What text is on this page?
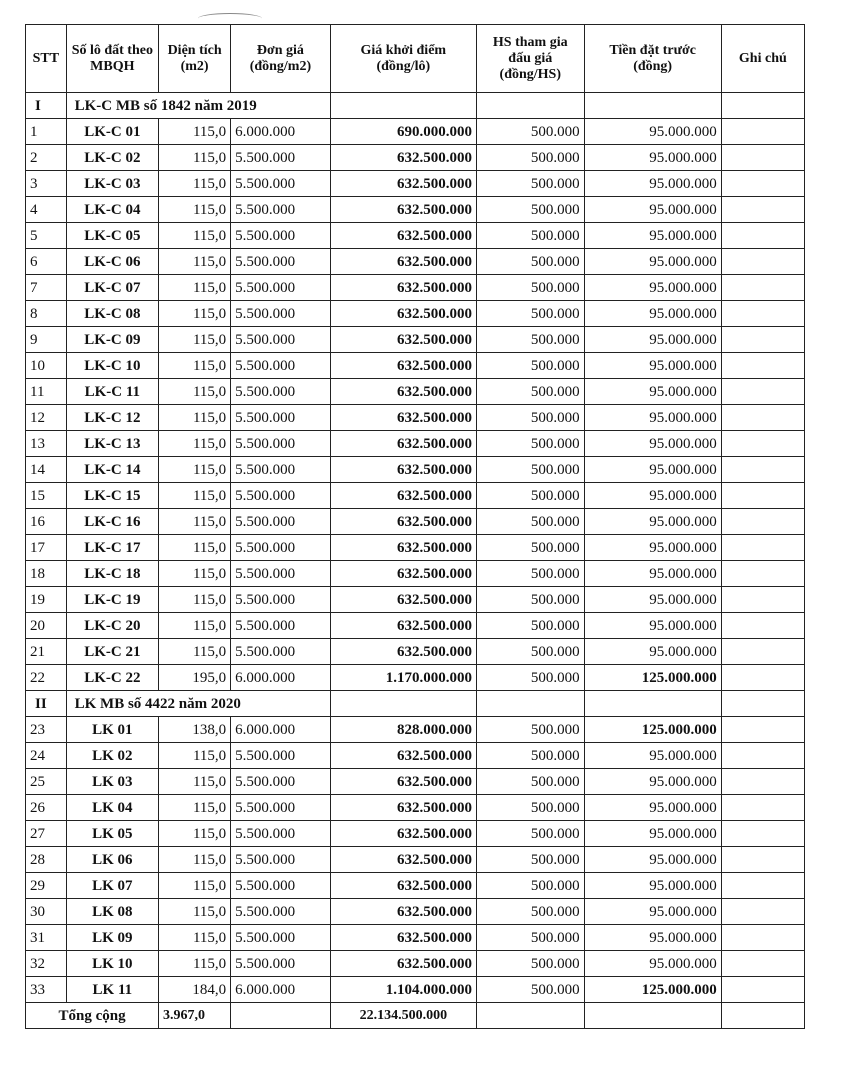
STT	Số lô đất theo MBQH	Diện tích (m2)	Đơn giá (đồng/m2)	Giá khởi điểm (đồng/lô)	HS tham gia đấu giá (đồng/HS)	Tiền đặt trước (đồng)	Ghi chú
I	LK-C MB số 1842 năm 2019						
1	LK-C 01	115,0	6.000.000	690.000.000	500.000	95.000.000	
2	LK-C 02	115,0	5.500.000	632.500.000	500.000	95.000.000	
3	LK-C 03	115,0	5.500.000	632.500.000	500.000	95.000.000	
4	LK-C 04	115,0	5.500.000	632.500.000	500.000	95.000.000	
5	LK-C 05	115,0	5.500.000	632.500.000	500.000	95.000.000	
6	LK-C 06	115,0	5.500.000	632.500.000	500.000	95.000.000	
7	LK-C 07	115,0	5.500.000	632.500.000	500.000	95.000.000	
8	LK-C 08	115,0	5.500.000	632.500.000	500.000	95.000.000	
9	LK-C 09	115,0	5.500.000	632.500.000	500.000	95.000.000	
10	LK-C 10	115,0	5.500.000	632.500.000	500.000	95.000.000	
11	LK-C 11	115,0	5.500.000	632.500.000	500.000	95.000.000	
12	LK-C 12	115,0	5.500.000	632.500.000	500.000	95.000.000	
13	LK-C 13	115,0	5.500.000	632.500.000	500.000	95.000.000	
14	LK-C 14	115,0	5.500.000	632.500.000	500.000	95.000.000	
15	LK-C 15	115,0	5.500.000	632.500.000	500.000	95.000.000	
16	LK-C 16	115,0	5.500.000	632.500.000	500.000	95.000.000	
17	LK-C 17	115,0	5.500.000	632.500.000	500.000	95.000.000	
18	LK-C 18	115,0	5.500.000	632.500.000	500.000	95.000.000	
19	LK-C 19	115,0	5.500.000	632.500.000	500.000	95.000.000	
20	LK-C 20	115,0	5.500.000	632.500.000	500.000	95.000.000	
21	LK-C 21	115,0	5.500.000	632.500.000	500.000	95.000.000	
22	LK-C 22	195,0	6.000.000	1.170.000.000	500.000	125.000.000	
II	LK MB số 4422 năm 2020						
23	LK 01	138,0	6.000.000	828.000.000	500.000	125.000.000	
24	LK 02	115,0	5.500.000	632.500.000	500.000	95.000.000	
25	LK 03	115,0	5.500.000	632.500.000	500.000	95.000.000	
26	LK 04	115,0	5.500.000	632.500.000	500.000	95.000.000	
27	LK 05	115,0	5.500.000	632.500.000	500.000	95.000.000	
28	LK 06	115,0	5.500.000	632.500.000	500.000	95.000.000	
29	LK 07	115,0	5.500.000	632.500.000	500.000	95.000.000	
30	LK 08	115,0	5.500.000	632.500.000	500.000	95.000.000	
31	LK 09	115,0	5.500.000	632.500.000	500.000	95.000.000	
32	LK 10	115,0	5.500.000	632.500.000	500.000	95.000.000	
33	LK 11	184,0	6.000.000	1.104.000.000	500.000	125.000.000	
Tổng cộng		3.967,0		22.134.500.000			
